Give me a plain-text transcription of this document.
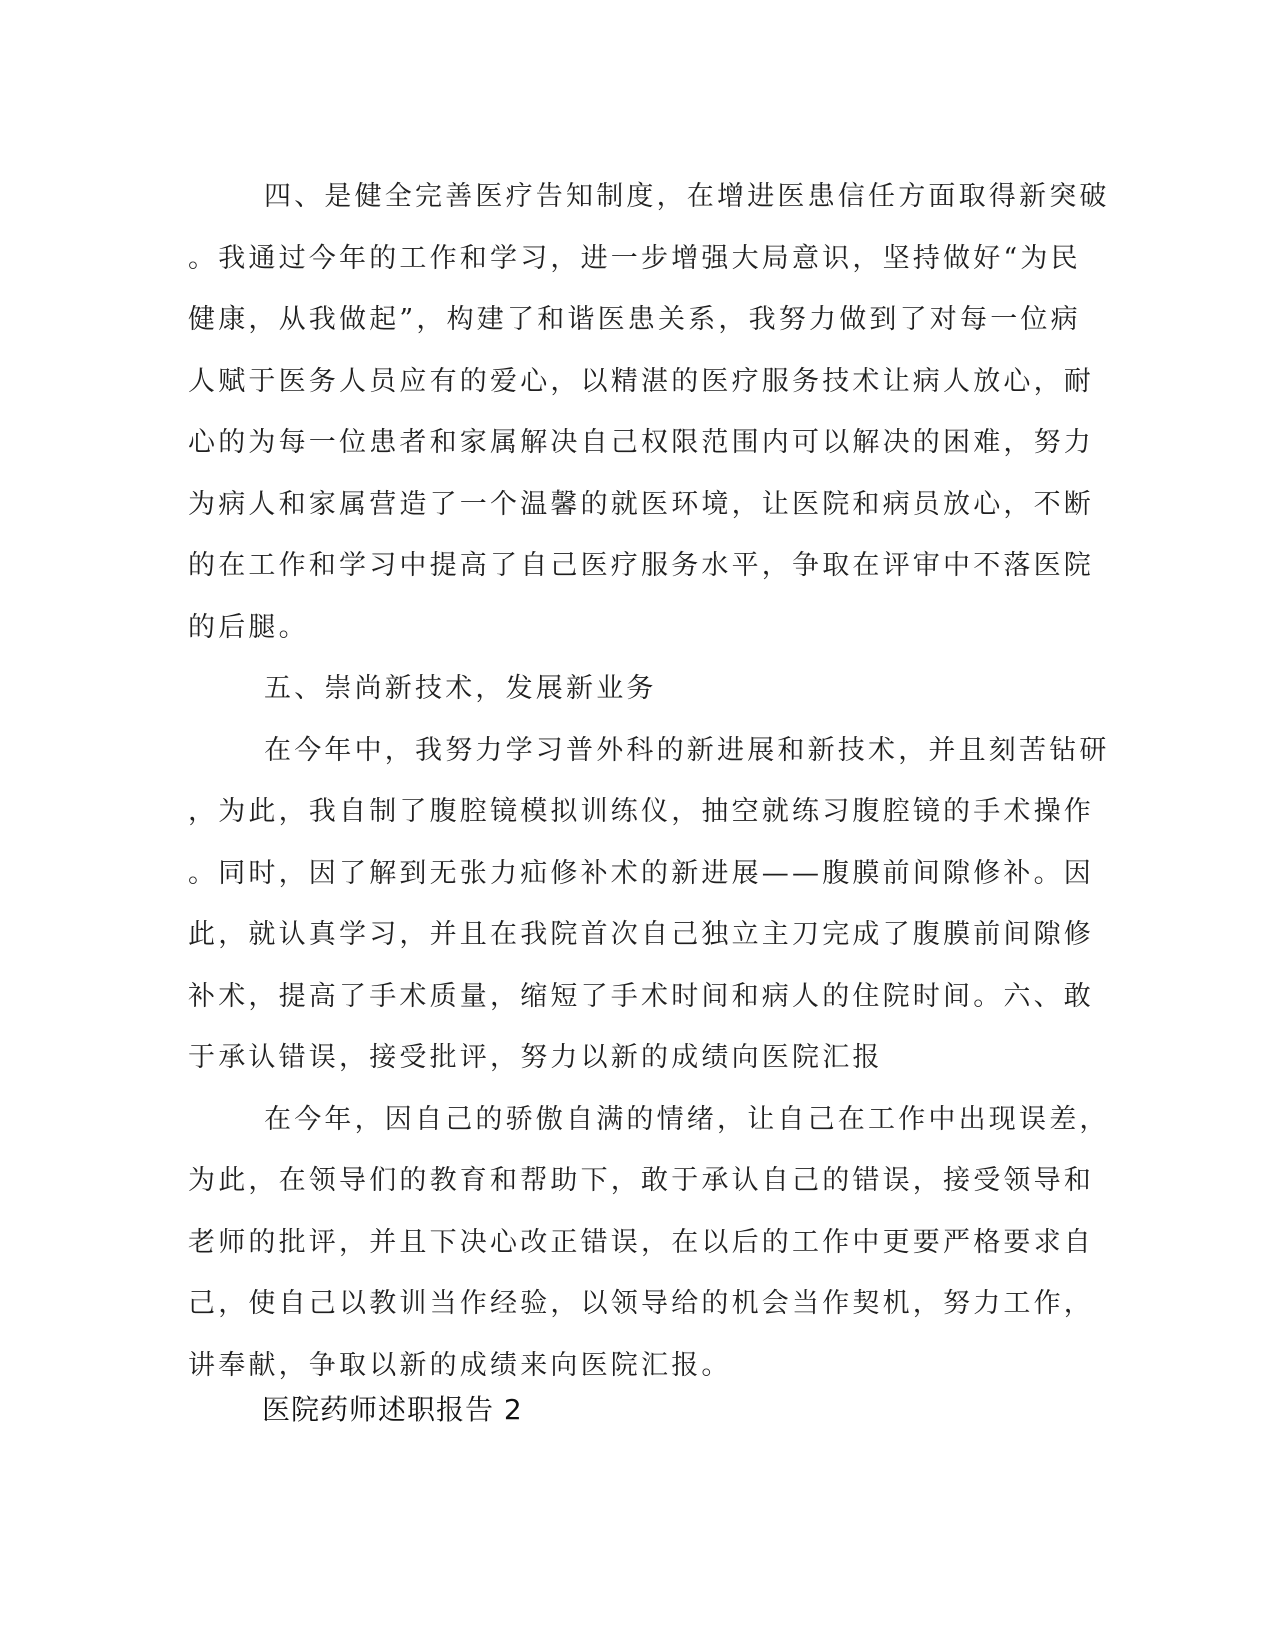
四、是健全完善医疗告知制度，在增进医患信任方面取得新突破
。我通过今年的工作和学习，进一步增强大局意识，坚持做好“为民
健康，从我做起”，构建了和谐医患关系，我努力做到了对每一位病
人赋于医务人员应有的爱心，以精湛的医疗服务技术让病人放心，耐
心的为每一位患者和家属解决自己权限范围内可以解决的困难，努力
为病人和家属营造了一个温馨的就医环境，让医院和病员放心，不断
的在工作和学习中提高了自己医疗服务水平，争取在评审中不落医院
的后腿。
五、崇尚新技术，发展新业务
在今年中，我努力学习普外科的新进展和新技术，并且刻苦钻研
，为此，我自制了腹腔镜模拟训练仪，抽空就练习腹腔镜的手术操作
。同时，因了解到无张力疝修补术的新进展——腹膜前间隙修补。因
此，就认真学习，并且在我院首次自己独立主刀完成了腹膜前间隙修
补术，提高了手术质量，缩短了手术时间和病人的住院时间。六、敢
于承认错误，接受批评，努力以新的成绩向医院汇报
在今年，因自己的骄傲自满的情绪，让自己在工作中出现误差，
为此，在领导们的教育和帮助下，敢于承认自己的错误，接受领导和
老师的批评，并且下决心改正错误，在以后的工作中更要严格要求自
己，使自己以教训当作经验，以领导给的机会当作契机，努力工作，
讲奉献，争取以新的成绩来向医院汇报。
医院药师述职报告 2
